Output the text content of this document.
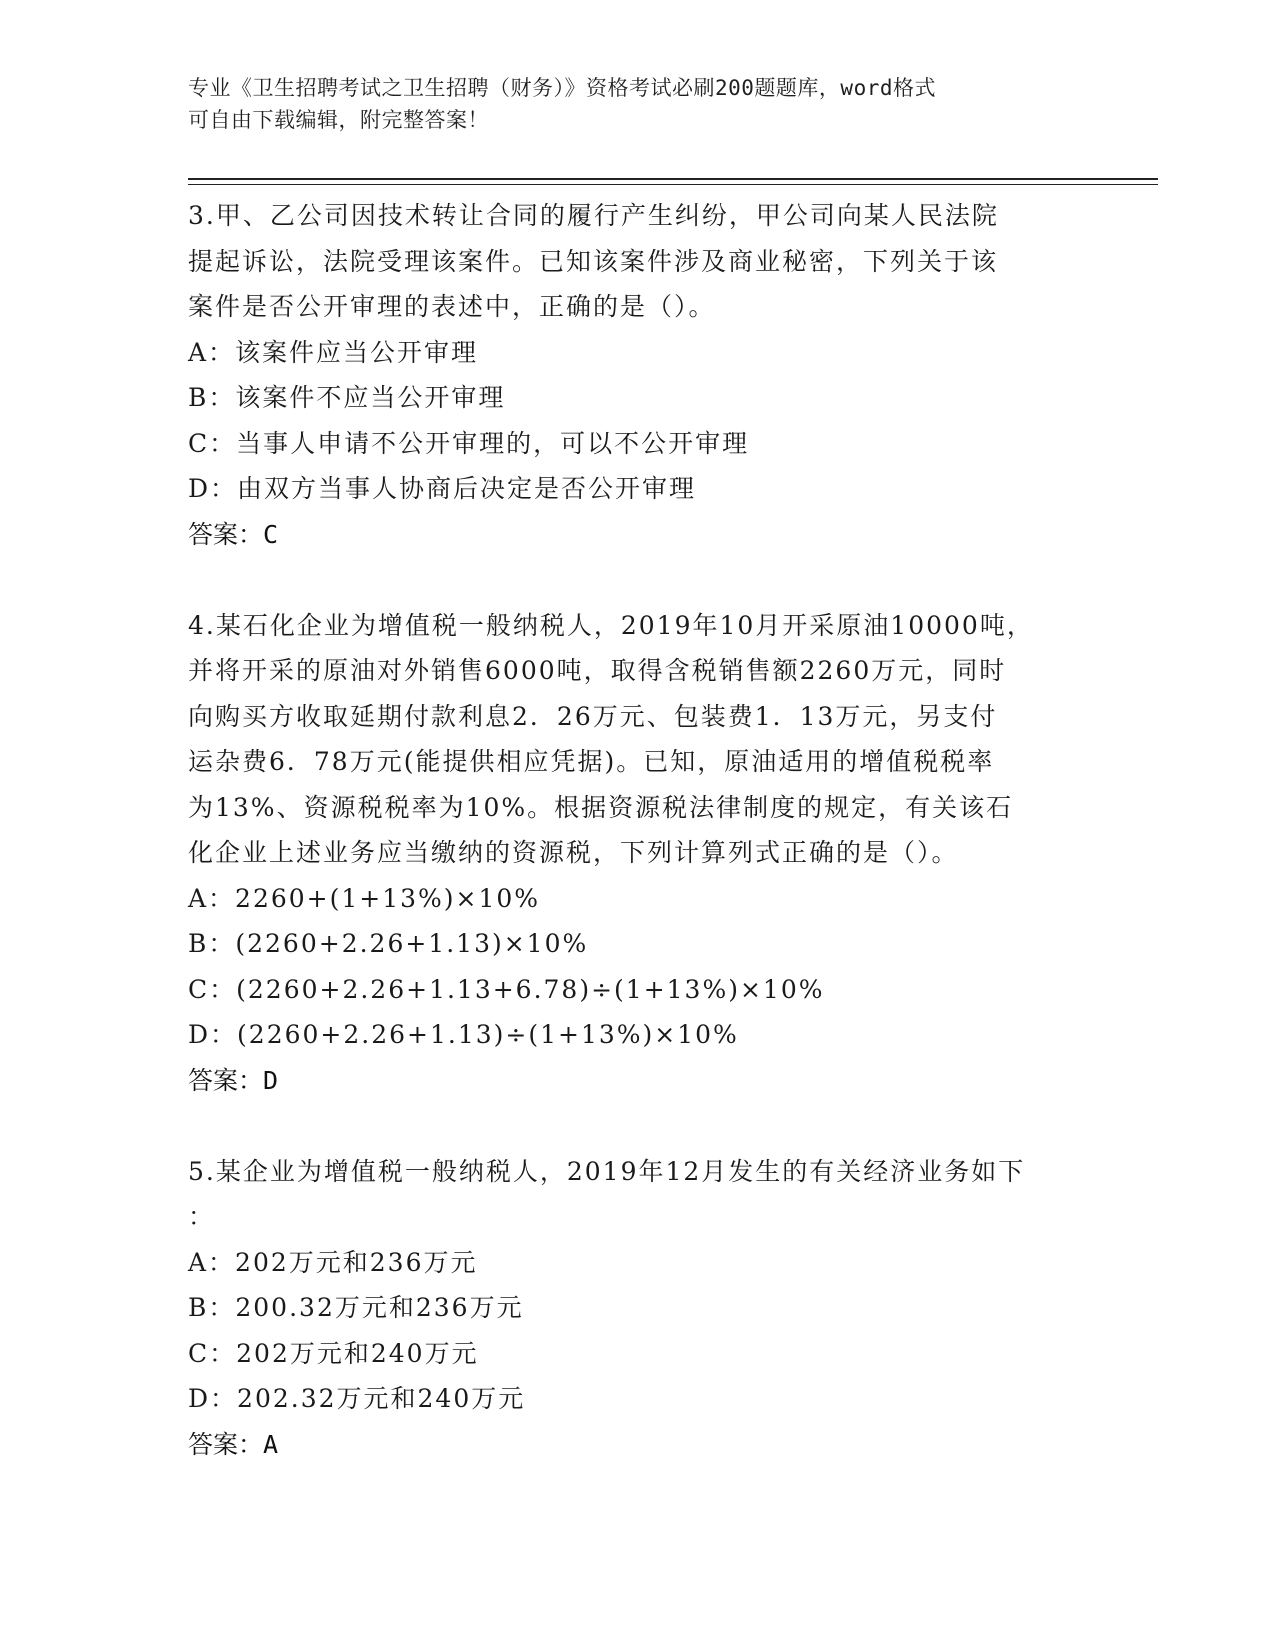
专业《卫生招聘考试之卫生招聘（财务）》资格考试必刷200题题库，word格式
可自由下载编辑，附完整答案！
3.甲、乙公司因技术转让合同的履行产生纠纷，甲公司向某人民法院
提起诉讼，法院受理该案件。已知该案件涉及商业秘密，下列关于该
案件是否公开审理的表述中，正确的是（）。
A：该案件应当公开审理
B：该案件不应当公开审理
C：当事人申请不公开审理的，可以不公开审理
D：由双方当事人协商后决定是否公开审理
答案：C
4.某石化企业为增值税一般纳税人，2019年10月开采原油10000吨，
并将开采的原油对外销售6000吨，取得含税销售额2260万元，同时
向购买方收取延期付款利息2．26万元、包装费1．13万元，另支付
运杂费6．78万元(能提供相应凭据)。已知，原油适用的增值税税率
为13%、资源税税率为10%。根据资源税法律制度的规定，有关该石
化企业上述业务应当缴纳的资源税，下列计算列式正确的是（）。
A：2260+(1+13%)×10%
B：(2260+2.26+1.13)×10%
C：(2260+2.26+1.13+6.78)÷(1+13%)×10%
D：(2260+2.26+1.13)÷(1+13%)×10%
答案：D
5.某企业为增值税一般纳税人，2019年12月发生的有关经济业务如下
：
A：202万元和236万元
B：200.32万元和236万元
C：202万元和240万元
D：202.32万元和240万元
答案：A
